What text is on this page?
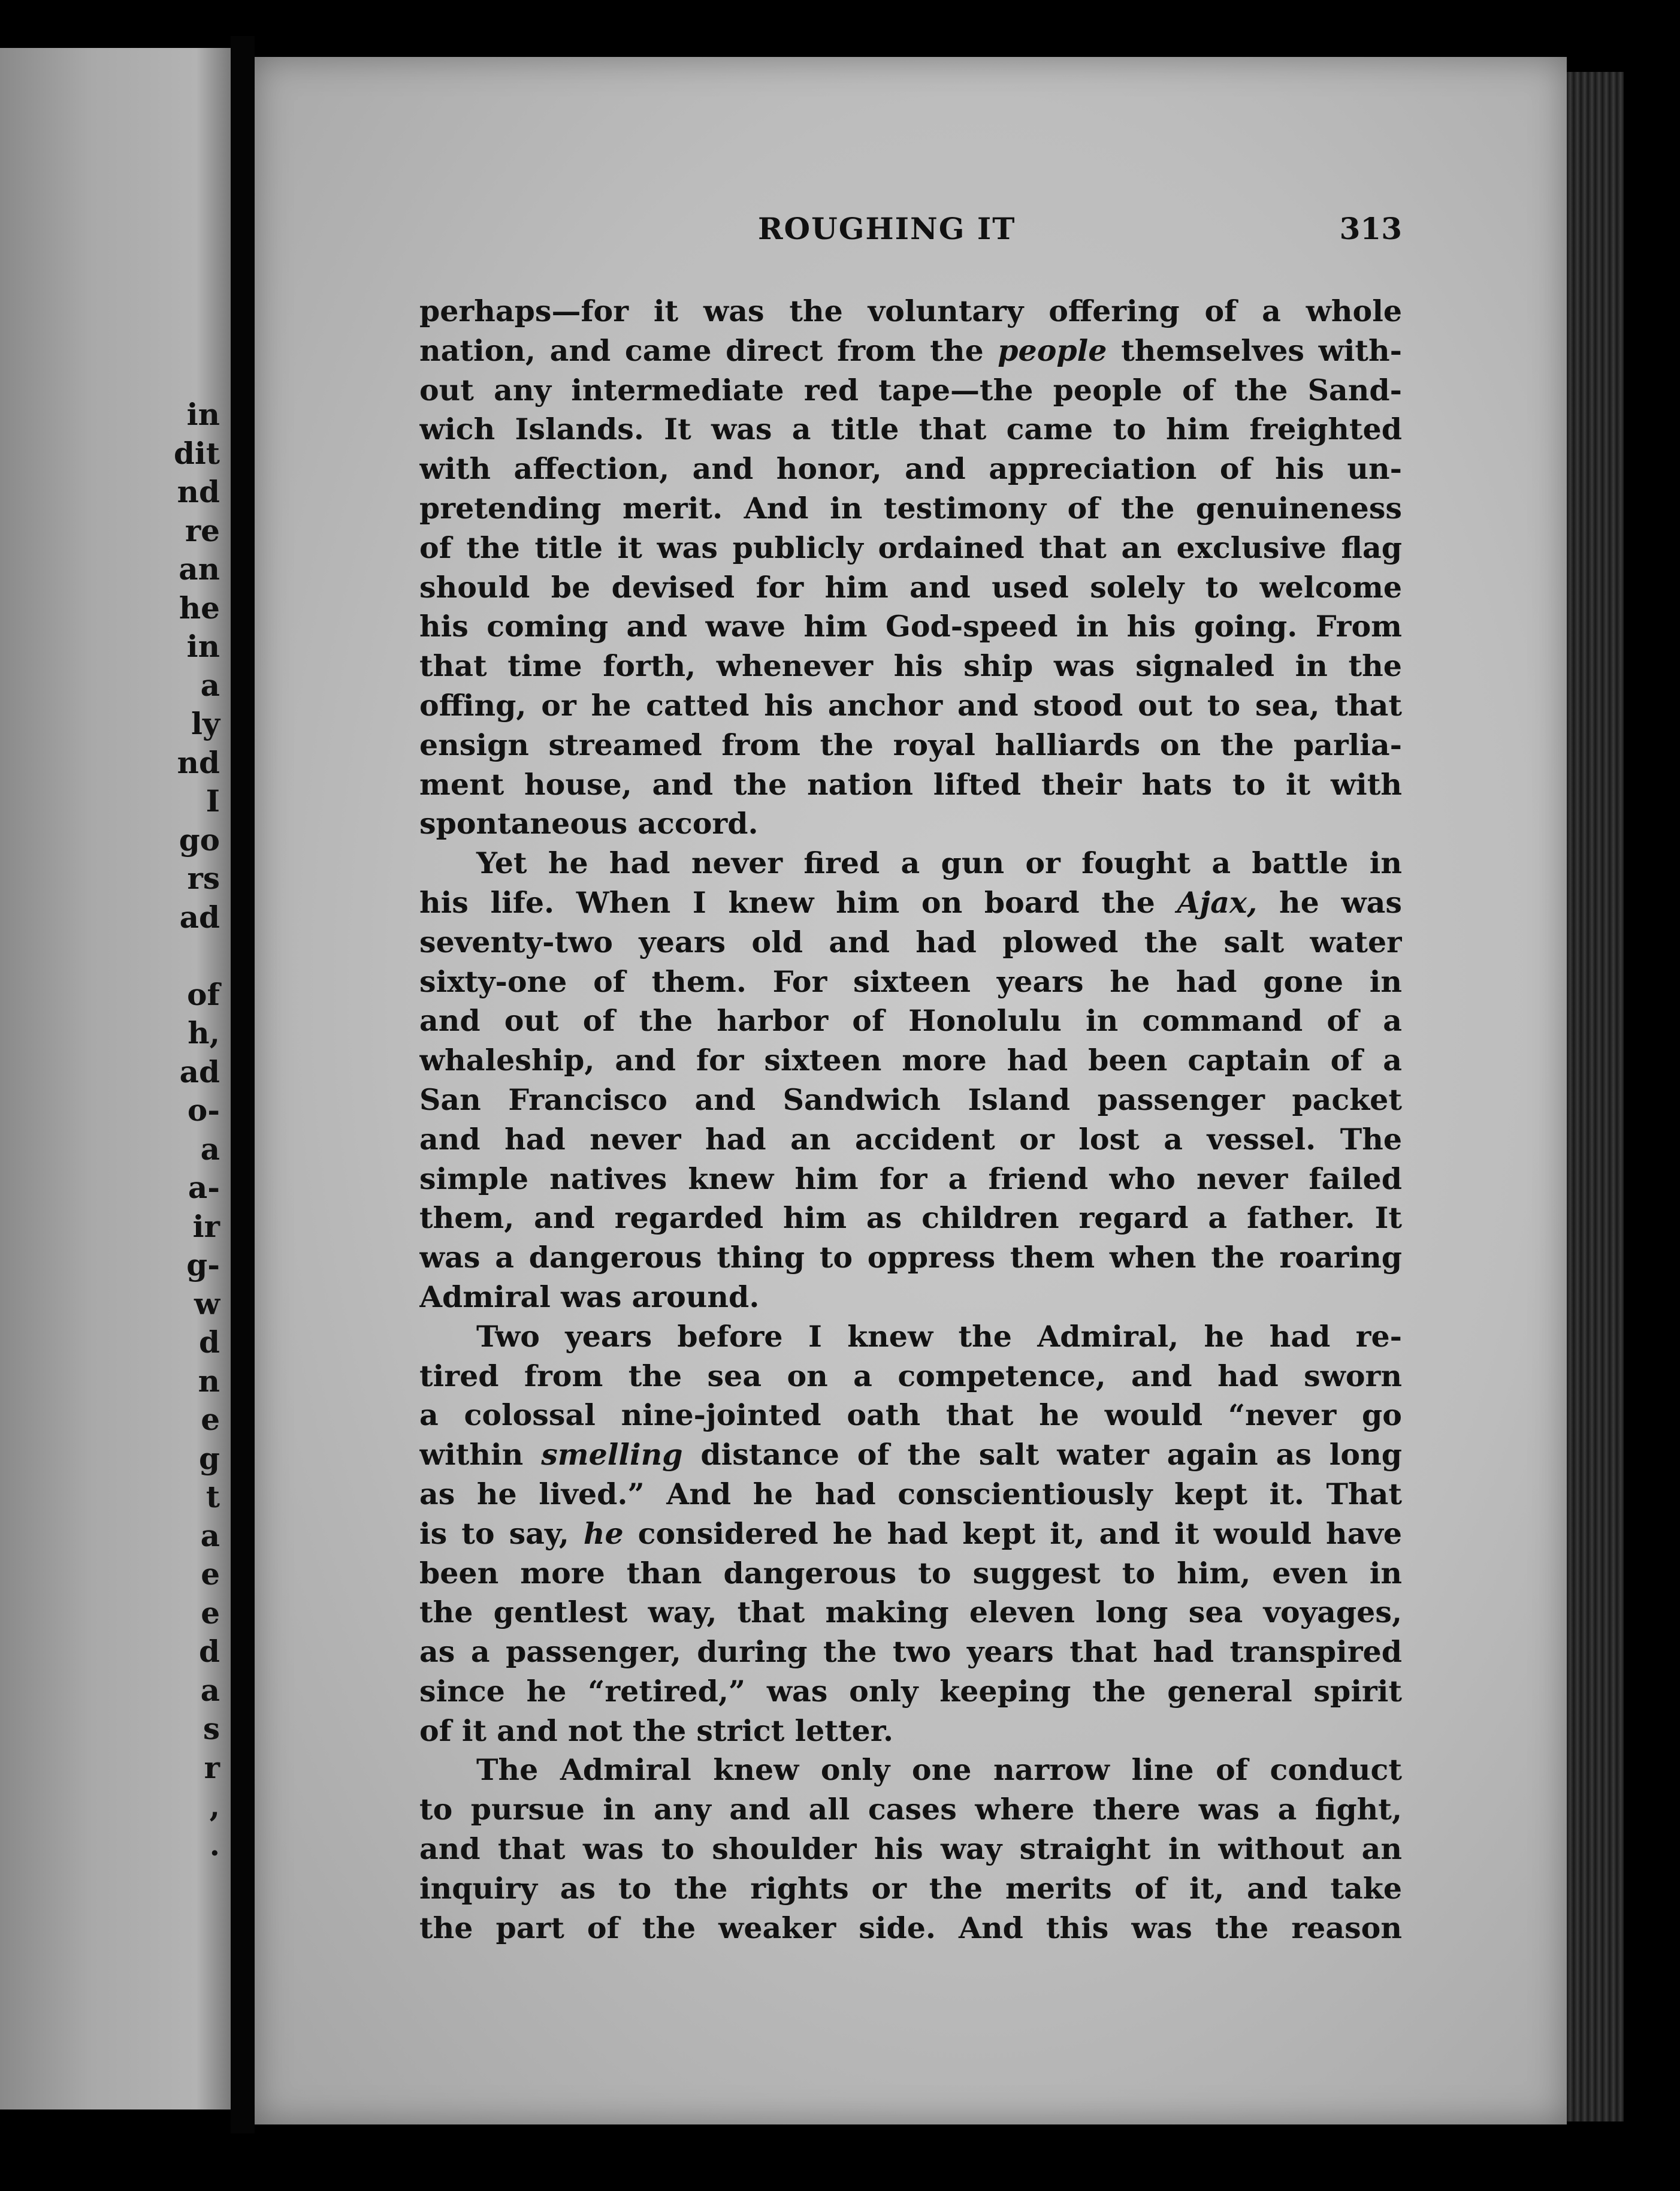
in
dit
nd
re
an
he
in
a
ly
nd
I
go
rs
ad
of
h,
ad
o-
a
a-
ir
g-
w
d
n
e
g
t
a
e
e
d
a
s
r
,
.
ROUGHING IT	313
perhaps—for it was the voluntary offering of a whole
nation, and came direct from the people themselves with-
out any intermediate red tape—the people of the Sand-
wich Islands. It was a title that came to him freighted
with affection, and honor, and appreciation of his un-
pretending merit. And in testimony of the genuineness
of the title it was publicly ordained that an exclusive flag
should be devised for him and used solely to welcome
his coming and wave him God-speed in his going. From
that time forth, whenever his ship was signaled in the
offing, or he catted his anchor and stood out to sea, that
ensign streamed from the royal halliards on the parlia-
ment house, and the nation lifted their hats to it with
spontaneous accord.
Yet he had never fired a gun or fought a battle in
his life. When I knew him on board the Ajax, he was
seventy-two years old and had plowed the salt water
sixty-one of them. For sixteen years he had gone in
and out of the harbor of Honolulu in command of a
whaleship, and for sixteen more had been captain of a
San Francisco and Sandwich Island passenger packet
and had never had an accident or lost a vessel. The
simple natives knew him for a friend who never failed
them, and regarded him as children regard a father. It
was a dangerous thing to oppress them when the roaring
Admiral was around.
Two years before I knew the Admiral, he had re-
tired from the sea on a competence, and had sworn
a colossal nine-jointed oath that he would “never go
within smelling distance of the salt water again as long
as he lived.” And he had conscientiously kept it. That
is to say, he considered he had kept it, and it would have
been more than dangerous to suggest to him, even in
the gentlest way, that making eleven long sea voyages,
as a passenger, during the two years that had transpired
since he “retired,” was only keeping the general spirit
of it and not the strict letter.
The Admiral knew only one narrow line of conduct
to pursue in any and all cases where there was a fight,
and that was to shoulder his way straight in without an
inquiry as to the rights or the merits of it, and take
the part of the weaker side. And this was the reason
